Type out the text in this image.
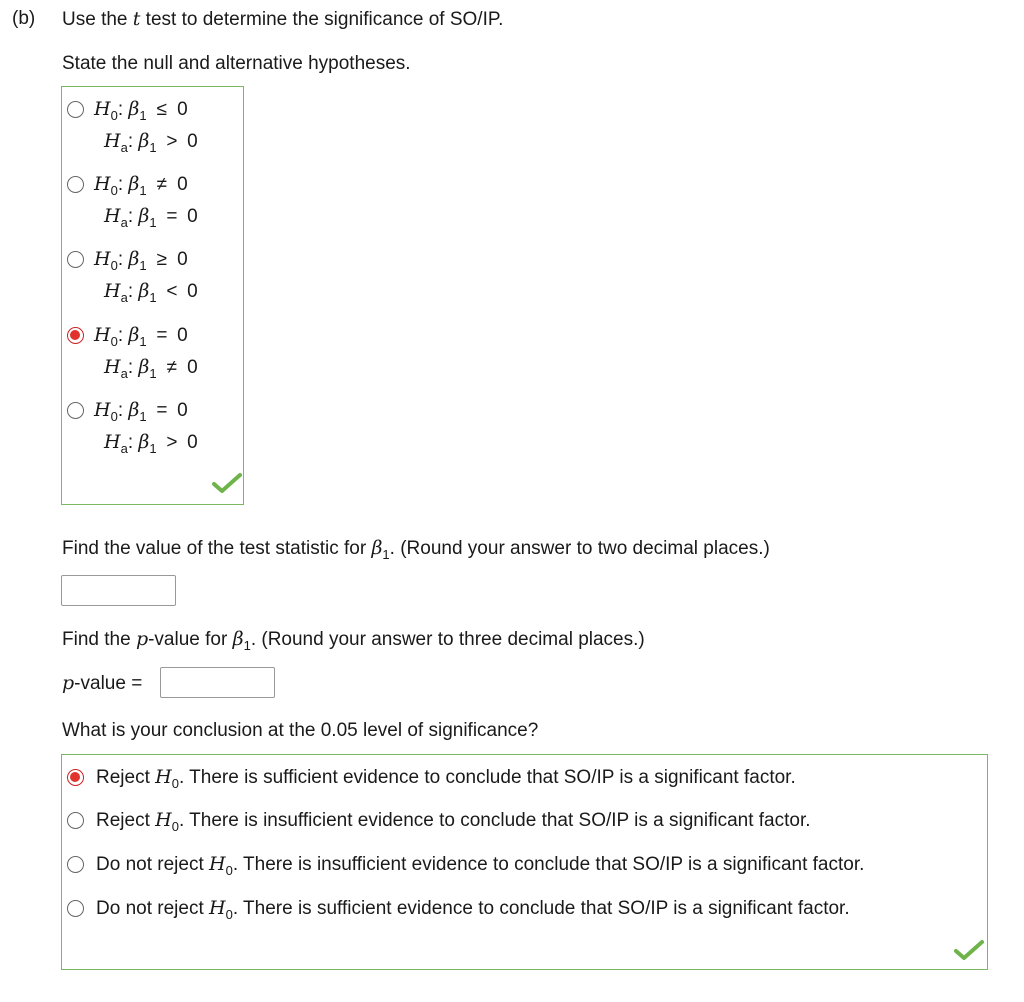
(b) Use the t test to determine the significance of SO/IP.
State the null and alternative hypotheses.
$H_0$: $\beta_1 \le 0$
$H_a$: $\beta_1 > 0$
$H_0$: $\beta_1 \ne 0$
$H_a$: $\beta_1 = 0$
$H_0$: $\beta_1 \ge 0$
$H_a$: $\beta_1 < 0$
$H_0$: $\beta_1 = 0$
$H_a$: $\beta_1 \ne 0$
$H_0$: $\beta_1 = 0$
$H_a$: $\beta_1 > 0$
Find the value of the test statistic for $\beta_1$. (Round your answer to two decimal places.)
Find the p-value for $\beta_1$. (Round your answer to three decimal places.)
p-value =
What is your conclusion at the 0.05 level of significance?
Reject $H_0$. There is sufficient evidence to conclude that SO/IP is a significant factor.
Reject $H_0$. There is insufficient evidence to conclude that SO/IP is a significant factor.
Do not reject $H_0$. There is insufficient evidence to conclude that SO/IP is a significant factor.
Do not reject $H_0$. There is sufficient evidence to conclude that SO/IP is a significant factor.
